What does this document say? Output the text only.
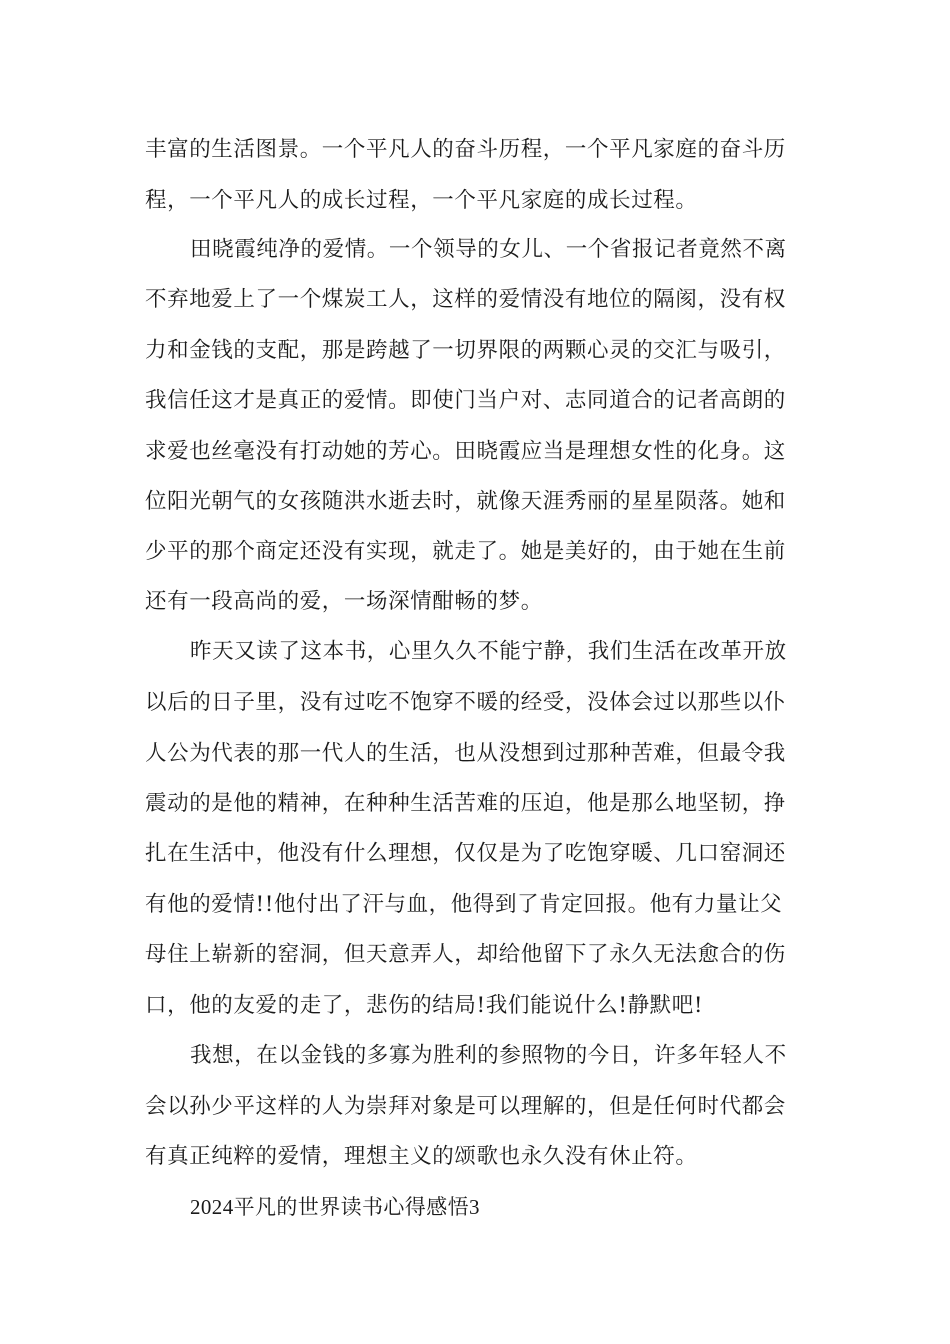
丰富的生活图景。一个平凡人的奋斗历程，一个平凡家庭的奋斗历
程，一个平凡人的成长过程，一个平凡家庭的成长过程。
田晓霞纯净的爱情。一个领导的女儿、一个省报记者竟然不离
不弃地爱上了一个煤炭工人，这样的爱情没有地位的隔阂，没有权
力和金钱的支配，那是跨越了一切界限的两颗心灵的交汇与吸引，
我信任这才是真正的爱情。即使门当户对、志同道合的记者高朗的
求爱也丝毫没有打动她的芳心。田晓霞应当是理想女性的化身。这
位阳光朝气的女孩随洪水逝去时，就像天涯秀丽的星星陨落。她和
少平的那个商定还没有实现，就走了。她是美好的，由于她在生前
还有一段高尚的爱，一场深情酣畅的梦。
昨天又读了这本书，心里久久不能宁静，我们生活在改革开放
以后的日子里，没有过吃不饱穿不暖的经受，没体会过以那些以仆
人公为代表的那一代人的生活，也从没想到过那种苦难，但最令我
震动的是他的精神，在种种生活苦难的压迫，他是那么地坚韧，挣
扎在生活中，他没有什么理想，仅仅是为了吃饱穿暖、几口窑洞还
有他的爱情!!他付出了汗与血，他得到了肯定回报。他有力量让父
母住上崭新的窑洞，但天意弄人，却给他留下了永久无法愈合的伤
口，他的友爱的走了，悲伤的结局!我们能说什么!静默吧!
我想，在以金钱的多寡为胜利的参照物的今日，许多年轻人不
会以孙少平这样的人为崇拜对象是可以理解的，但是任何时代都会
有真正纯粹的爱情，理想主义的颂歌也永久没有休止符。
2024平凡的世界读书心得感悟3
